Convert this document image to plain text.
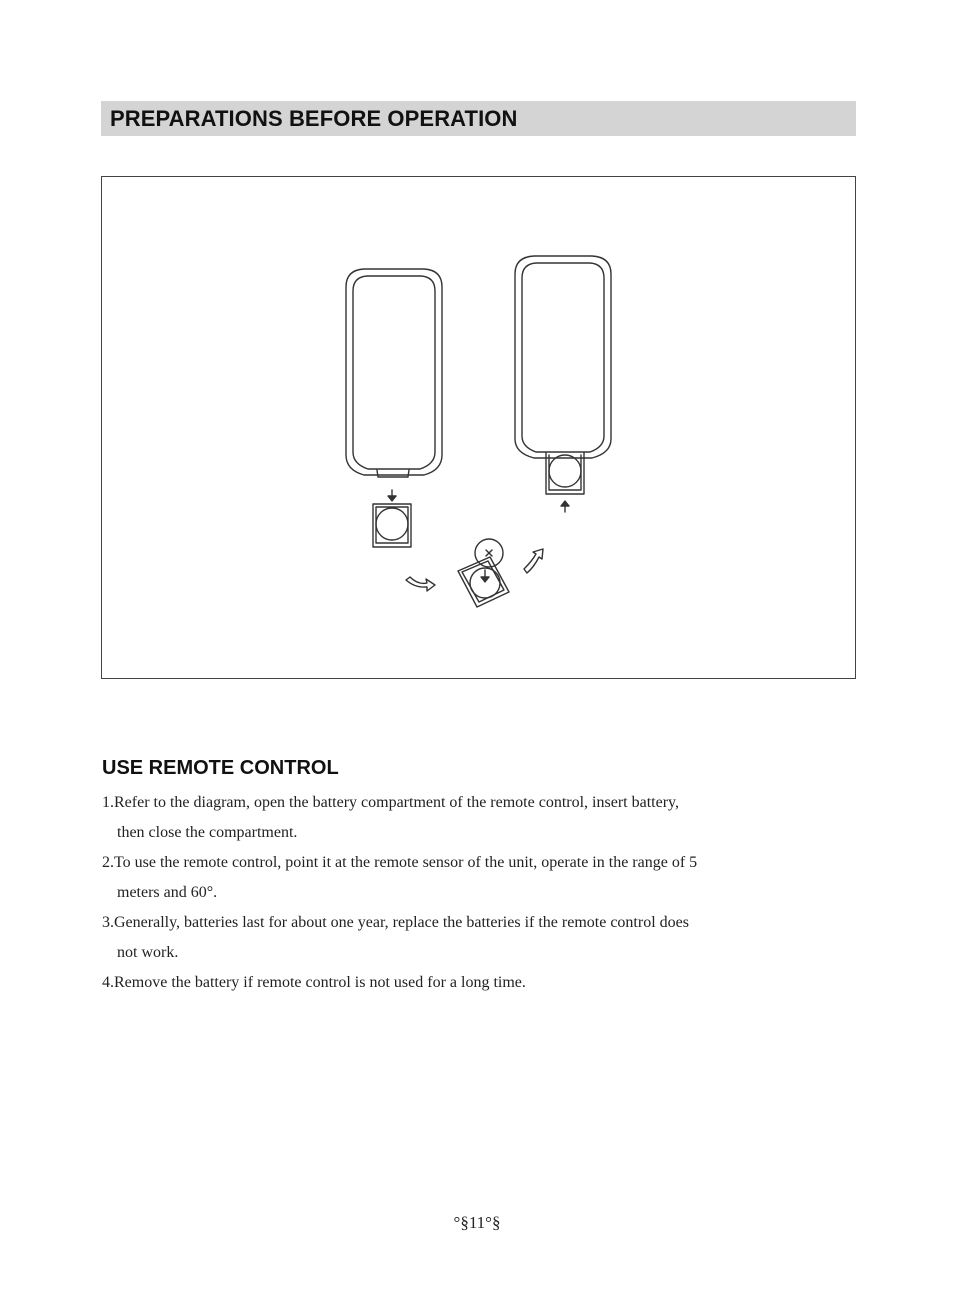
PREPARATIONS BEFORE OPERATION
USE REMOTE CONTROL
1.Refer to the diagram, open the battery compartment of the remote control, insert battery, then close the compartment.
2.To use the remote control, point it at the remote sensor of the unit, operate in the range of 5 meters and 60°.
3.Generally, batteries last for about one year, replace the batteries if the remote control does not work.
4.Remove the battery if remote control is not used for a long time.
°§11°§
